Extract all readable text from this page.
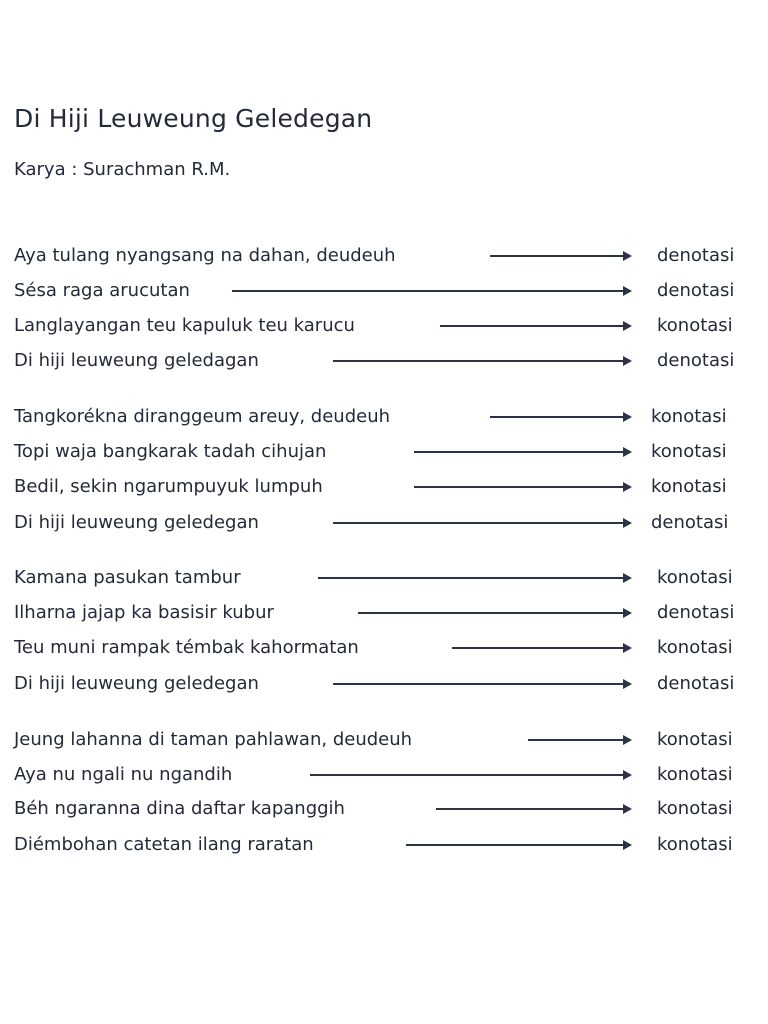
Di Hiji Leuweung Geledegan

Karya : Surachman R.M.

Aya tulang nyangsang na dahan, deudeuh	denotasi
Sésa raga arucutan	denotasi
Langlayangan teu kapuluk teu karucu	konotasi
Di hiji leuweung geledagan	denotasi
Tangkorékna diranggeum areuy, deudeuh	konotasi
Topi waja bangkarak tadah cihujan	konotasi
Bedil, sekin ngarumpuyuk lumpuh	konotasi
Di hiji leuweung geledegan	denotasi
Kamana pasukan tambur	konotasi
Ilharna jajap ka basisir kubur	denotasi
Teu muni rampak témbak kahormatan	konotasi
Di hiji leuweung geledegan	denotasi
Jeung lahanna di taman pahlawan, deudeuh	konotasi
Aya nu ngali nu ngandih	konotasi
Béh ngaranna dina daftar kapanggih	konotasi
Diémbohan catetan ilang raratan	konotasi
